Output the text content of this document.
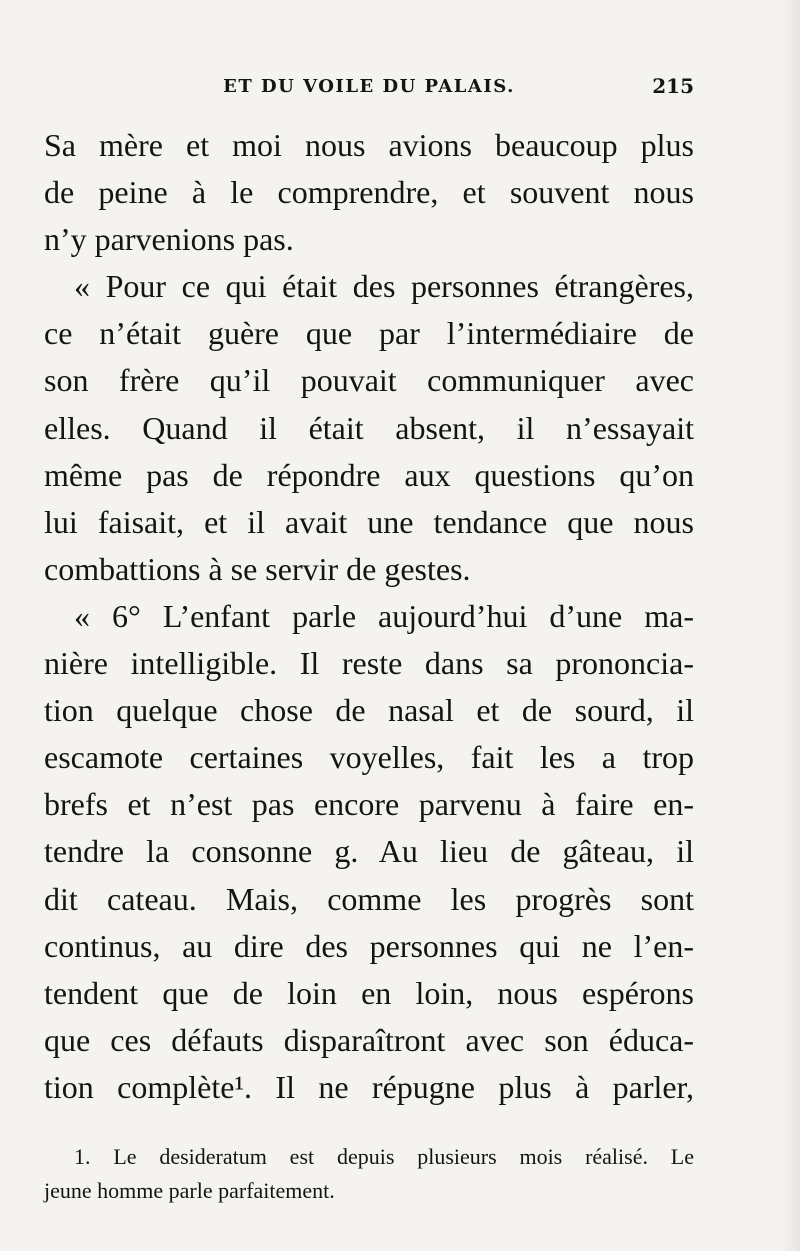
ET DU VOILE DU PALAIS.	215
Sa mère et moi nous avions beaucoup plus
de peine à le comprendre, et souvent nous
n’y parvenions pas.
« Pour ce qui était des personnes étrangères,
ce n’était guère que par l’intermédiaire de
son frère qu’il pouvait communiquer avec
elles. Quand il était absent, il n’essayait
même pas de répondre aux questions qu’on
lui faisait, et il avait une tendance que nous
combattions à se servir de gestes.
« 6° L’enfant parle aujourd’hui d’une ma-
nière intelligible. Il reste dans sa prononcia-
tion quelque chose de nasal et de sourd, il
escamote certaines voyelles, fait les a trop
brefs et n’est pas encore parvenu à faire en-
tendre la consonne g. Au lieu de gâteau, il
dit cateau. Mais, comme les progrès sont
continus, au dire des personnes qui ne l’en-
tendent que de loin en loin, nous espérons
que ces défauts disparaîtront avec son éduca-
tion complète¹. Il ne répugne plus à parler,
1. Le desideratum est depuis plusieurs mois réalisé. Le
jeune homme parle parfaitement.
